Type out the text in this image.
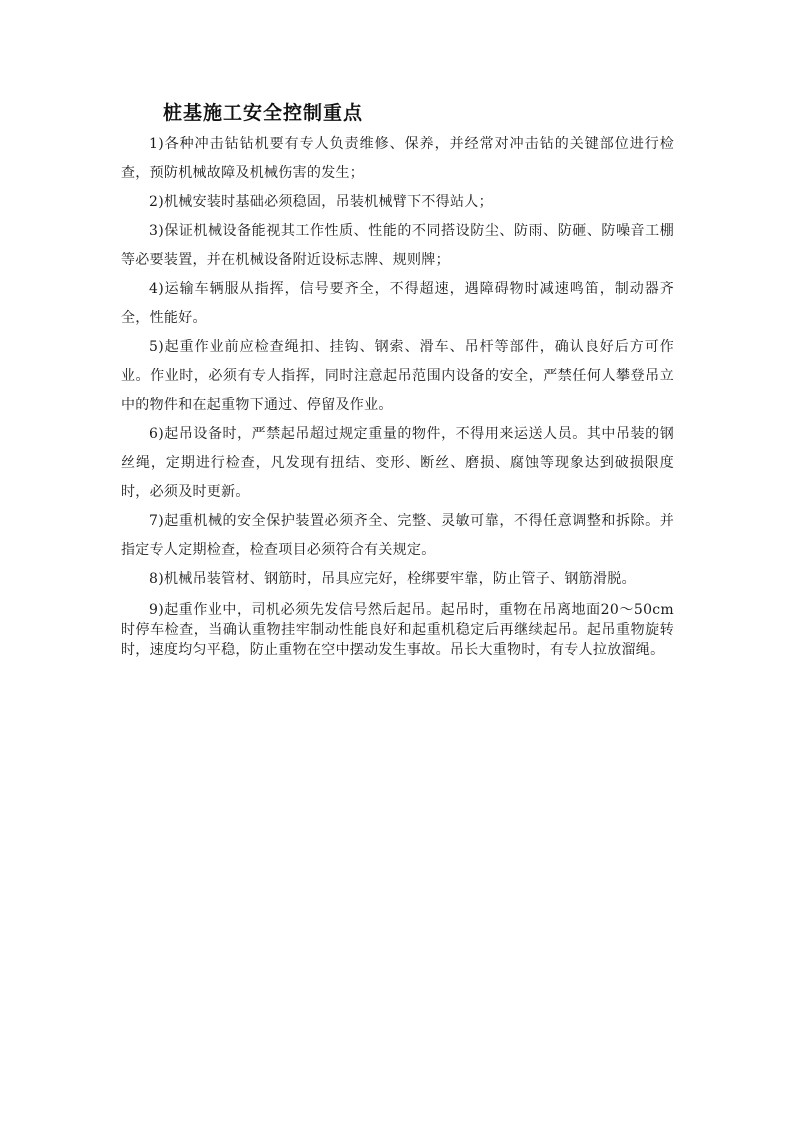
桩基施工安全控制重点

1)各种冲击钻钻机要有专人负责维修、保养，并经常对冲击钻的关键部位进行检查，预防机械故障及机械伤害的发生；

2)机械安装时基础必须稳固，吊装机械臂下不得站人；

3)保证机械设备能视其工作性质、性能的不同搭设防尘、防雨、防砸、防噪音工棚等必要装置，并在机械设备附近设标志牌、规则牌；

4)运输车辆服从指挥，信号要齐全，不得超速，遇障碍物时减速鸣笛，制动器齐全，性能好。

5)起重作业前应检查绳扣、挂钩、钢索、滑车、吊杆等部件，确认良好后方可作业。作业时，必须有专人指挥，同时注意起吊范围内设备的安全，严禁任何人攀登吊立中的物件和在起重物下通过、停留及作业。

6)起吊设备时，严禁起吊超过规定重量的物件，不得用来运送人员。其中吊装的钢丝绳，定期进行检查，凡发现有扭结、变形、断丝、磨损、腐蚀等现象达到破损限度时，必须及时更新。

7)起重机械的安全保护装置必须齐全、完整、灵敏可靠，不得任意调整和拆除。并指定专人定期检查，检查项目必须符合有关规定。

8)机械吊装管材、钢筋时，吊具应完好，栓绑要牢靠，防止管子、钢筋滑脱。

9)起重作业中，司机必须先发信号然后起吊。起吊时，重物在吊离地面20～50cm时停车检查，当确认重物挂牢制动性能良好和起重机稳定后再继续起吊。起吊重物旋转时，速度均匀平稳，防止重物在空中摆动发生事故。吊长大重物时，有专人拉放溜绳。
